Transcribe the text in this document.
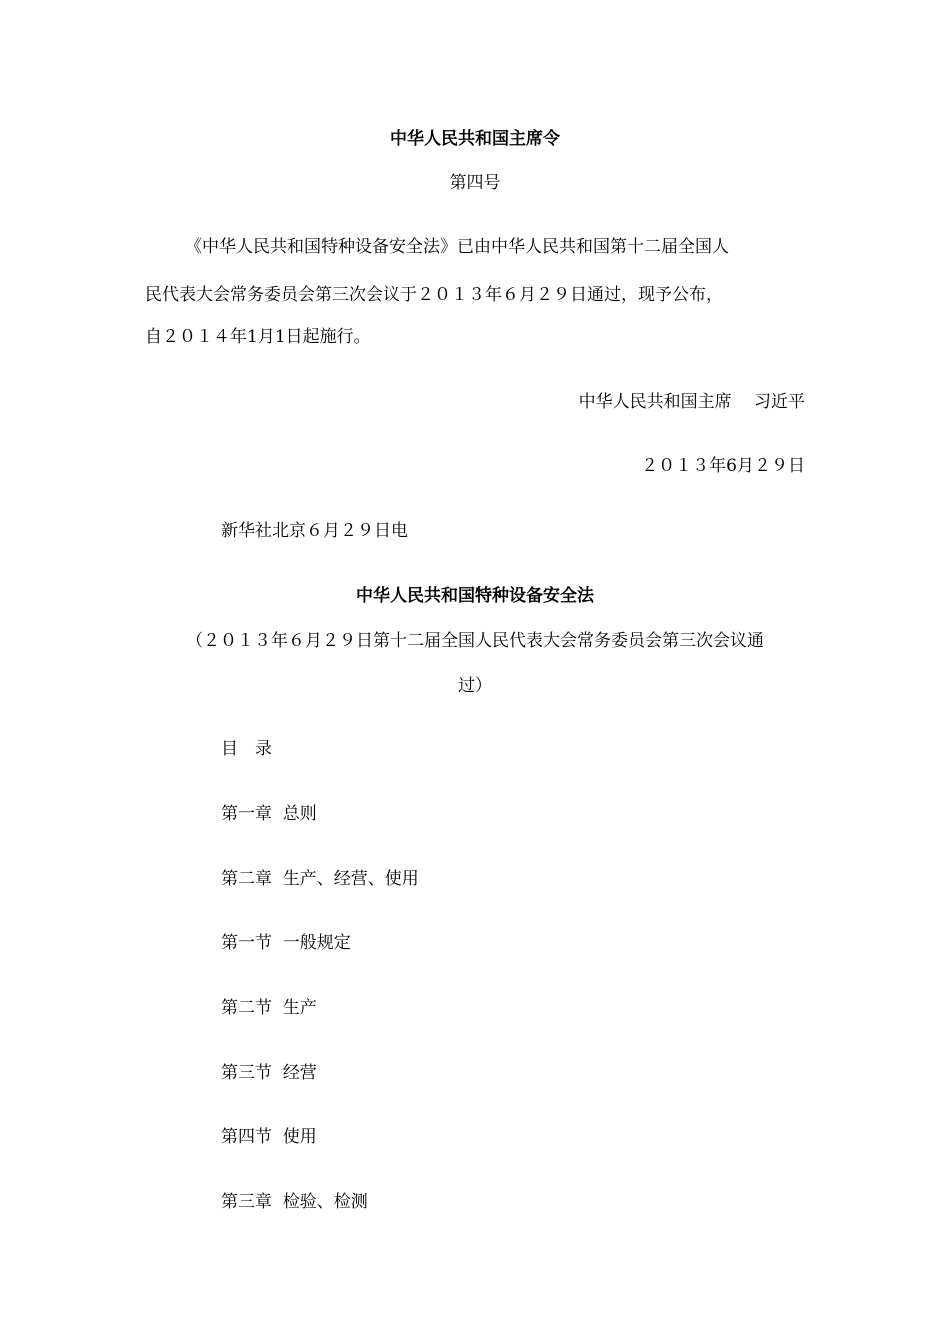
中华人民共和国主席令
第四号
《中华人民共和国特种设备安全法》已由中华人民共和国第十二届全国人
民代表大会常务委员会第三次会议于２０１３年６月２９日通过，现予公布，
自２０１４年1月1日起施行。
中华人民共和国主席　 习近平
２０１３年6月２９日
新华社北京６月２９日电
中华人民共和国特种设备安全法
（２０１３年６月２９日第十二届全国人民代表大会常务委员会第三次会议通
过）
目　录
第一章  总则
第二章  生产、经营、使用
第一节  一般规定
第二节  生产
第三节  经营
第四节  使用
第三章  检验、检测
